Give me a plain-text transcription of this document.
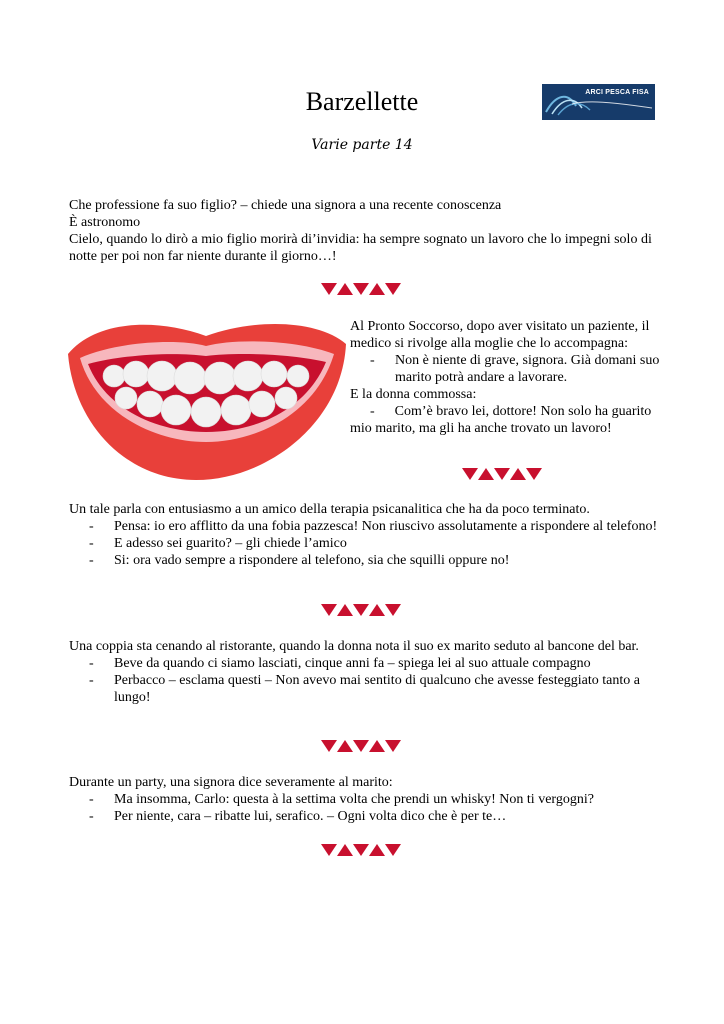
Barzellette
Varie parte 14
ARCI PESCA FISA

Che professione fa suo figlio? – chiede una signora a una recente conoscenza

È astronomo

Cielo, quando lo dirò a mio figlio morirà di’invidia: ha sempre sognato un lavoro che lo impegni solo di notte per poi non far niente durante il giorno…!

Al Pronto Soccorso, dopo aver visitato un paziente, il medico si rivolge alla moglie che lo accompagna:

- Non è niente di grave, signora. Già domani suo marito potrà andare a lavorare.

E la donna commossa:

- Com’è bravo lei, dottore! Non solo ha guarito mio marito, ma gli ha anche trovato un lavoro!

Un tale parla con entusiasmo a un amico della terapia psicanalitica che ha da poco terminato.

- Pensa: io ero afflitto da una fobia pazzesca! Non riuscivo assolutamente a rispondere al telefono!
- E adesso sei guarito? – gli chiede l’amico
- Si: ora vado sempre a rispondere al telefono, sia che squilli oppure no!

Una coppia sta cenando al ristorante, quando la donna nota il suo ex marito seduto al bancone del bar.

- Beve da quando ci siamo lasciati, cinque anni fa – spiega lei al suo attuale compagno
- Perbacco – esclama questi – Non avevo mai sentito di qualcuno che avesse festeggiato tanto a lungo!

Durante un party, una signora dice severamente al marito:

- Ma insomma, Carlo: questa à la settima volta che prendi un whisky! Non ti vergogni?
- Per niente, cara – ribatte lui, serafico. – Ogni volta dico che è per te…
